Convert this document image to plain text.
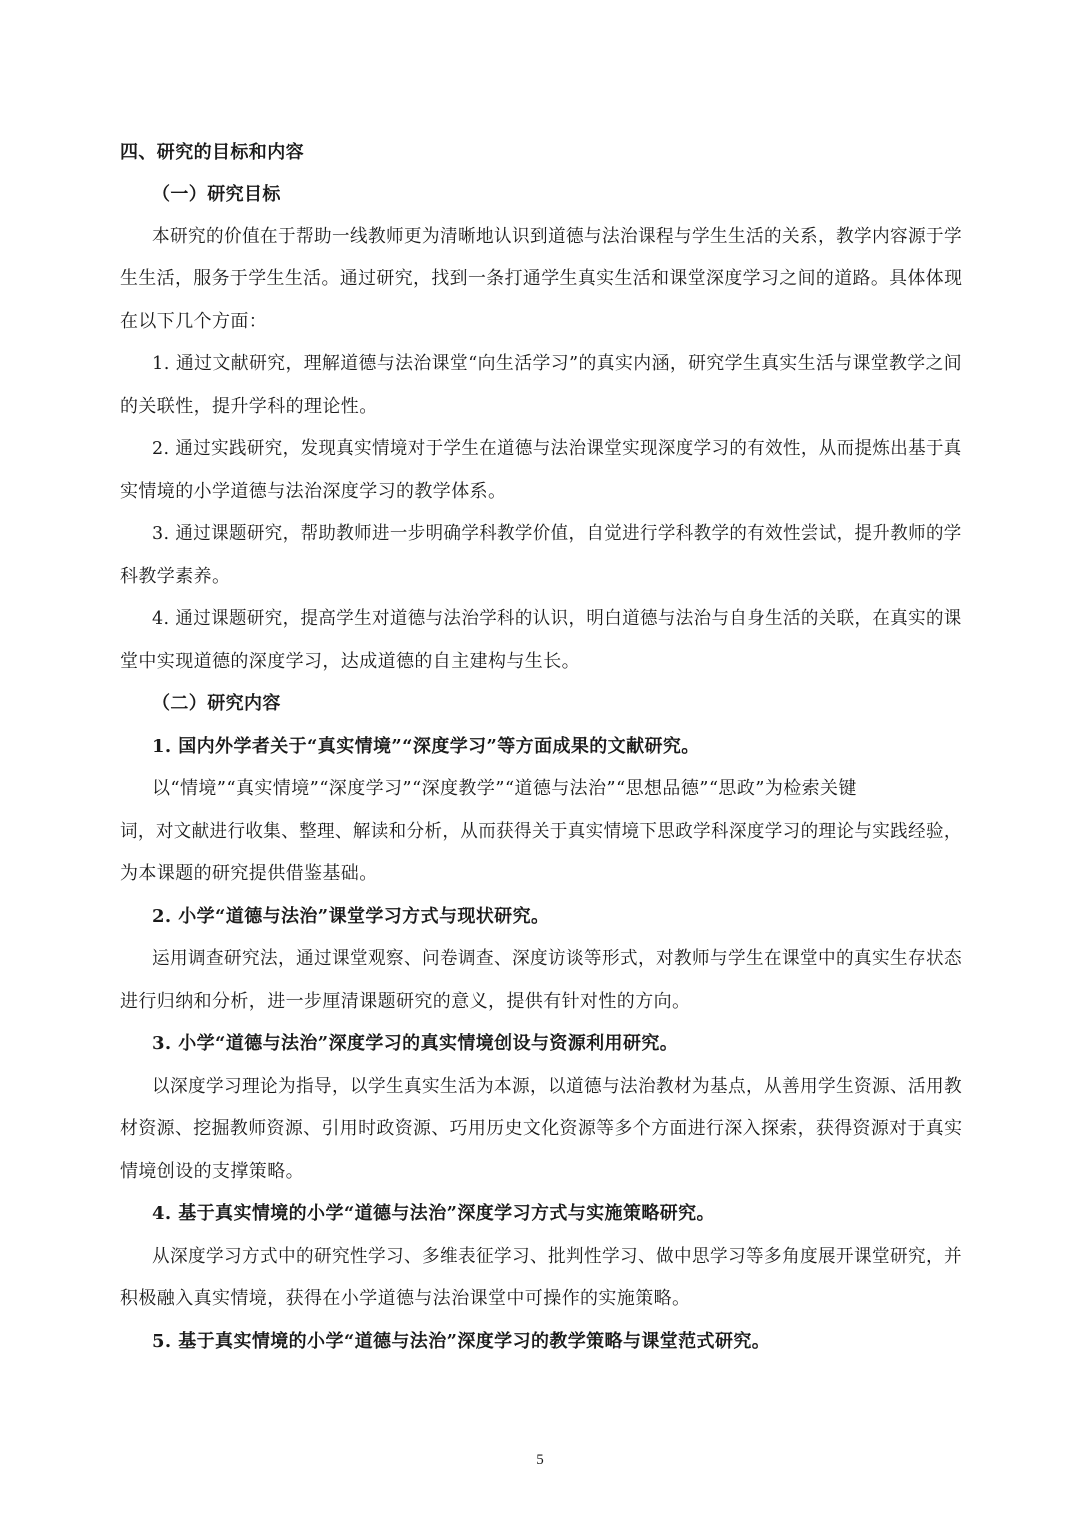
四、研究的目标和内容
（一）研究目标
本研究的价值在于帮助一线教师更为清晰地认识到道德与法治课程与学生生活的关系，教学内容源于学
生生活，服务于学生生活。通过研究，找到一条打通学生真实生活和课堂深度学习之间的道路。具体体现
在以下几个方面：
1. 通过文献研究，理解道德与法治课堂“向生活学习”的真实内涵，研究学生真实生活与课堂教学之间
的关联性，提升学科的理论性。
2. 通过实践研究，发现真实情境对于学生在道德与法治课堂实现深度学习的有效性，从而提炼出基于真
实情境的小学道德与法治深度学习的教学体系。
3. 通过课题研究，帮助教师进一步明确学科教学价值，自觉进行学科教学的有效性尝试，提升教师的学
科教学素养。
4. 通过课题研究，提高学生对道德与法治学科的认识，明白道德与法治与自身生活的关联，在真实的课
堂中实现道德的深度学习，达成道德的自主建构与生长。
（二）研究内容
1. 国内外学者关于“真实情境”“深度学习”等方面成果的文献研究。
以“情境”“真实情境”“深度学习”“深度教学”“道德与法治”“思想品德”“思政”为检索关键
词，对文献进行收集、整理、解读和分析，从而获得关于真实情境下思政学科深度学习的理论与实践经验，
为本课题的研究提供借鉴基础。
2. 小学“道德与法治”课堂学习方式与现状研究。
运用调查研究法，通过课堂观察、问卷调查、深度访谈等形式，对教师与学生在课堂中的真实生存状态
进行归纳和分析，进一步厘清课题研究的意义，提供有针对性的方向。
3. 小学“道德与法治”深度学习的真实情境创设与资源利用研究。
以深度学习理论为指导，以学生真实生活为本源，以道德与法治教材为基点，从善用学生资源、活用教
材资源、挖掘教师资源、引用时政资源、巧用历史文化资源等多个方面进行深入探索，获得资源对于真实
情境创设的支撑策略。
4. 基于真实情境的小学“道德与法治”深度学习方式与实施策略研究。
从深度学习方式中的研究性学习、多维表征学习、批判性学习、做中思学习等多角度展开课堂研究，并
积极融入真实情境，获得在小学道德与法治课堂中可操作的实施策略。
5. 基于真实情境的小学“道德与法治”深度学习的教学策略与课堂范式研究。
5
